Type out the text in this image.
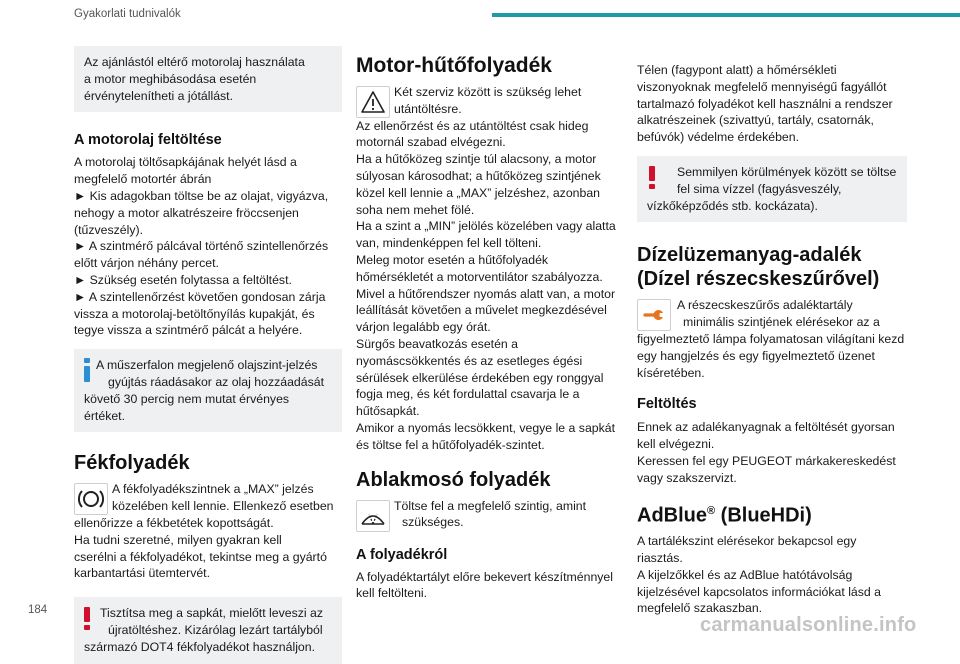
Gyakorlati tudnivalók
Az ajánlástól eltérő motorolaj használata
a motor meghibásodása esetén
érvénytelenítheti a jótállást.
A motorolaj feltöltése
A motorolaj töltősapkájának helyét lásd a
megfelelő motortér ábrán
► Kis adagokban töltse be az olajat, vigyázva,
nehogy a motor alkatrészeire fröccsenjen
(tűzveszély).
► A szintmérő pálcával történő szintellenőrzés
előtt várjon néhány percet.
► Szükség esetén folytassa a feltöltést.
► A szintellenőrzést követően gondosan zárja
vissza a motorolaj-betöltőnyílás kupakját, és
tegye vissza a szintmérő pálcát a helyére.
A műszerfalon megjelenő olajszint-jelzés
gyújtás ráadásakor az olaj hozzáadását
követő 30 percig nem mutat érvényes értéket.
Fékfolyadék
A fékfolyadékszintnek a „MAX” jelzés
közelében kell lennie. Ellenkező esetben
ellenőrizze a fékbetétek kopottságát.
Ha tudni szeretné, milyen gyakran kell
cserélni a fékfolyadékot, tekintse meg a gyártó
karbantartási ütemtervét.
Tisztítsa meg a sapkát, mielőtt leveszi az
újratöltéshez. Kizárólag lezárt tartályból
származó DOT4 fékfolyadékot használjon.
Motor-hűtőfolyadék
Két szerviz között is szükség lehet
utántöltésre.
Az ellenőrzést és az utántöltést csak hideg
motornál szabad elvégezni.
Ha a hűtőközeg szintje túl alacsony, a motor
súlyosan károsodhat; a hűtőközeg szintjének
közel kell lennie a „MAX” jelzéshez, azonban
soha nem mehet fölé.
Ha a szint a „MIN” jelölés közelében vagy alatta
van, mindenképpen fel kell tölteni.
Meleg motor esetén a hűtőfolyadék
hőmérsékletét a motorventilátor szabályozza.
Mivel a hűtőrendszer nyomás alatt van, a motor
leállítását követően a művelet megkezdésével
várjon legalább egy órát.
Sürgős beavatkozás esetén a
nyomáscsökkentés és az esetleges égési
sérülések elkerülése érdekében egy ronggyal
fogja meg, és két fordulattal csavarja le a
hűtősapkát.
Amikor a nyomás lecsökkent, vegye le a sapkát
és töltse fel a hűtőfolyadék-szintet.
Ablakmosó folyadék
Töltse fel a megfelelő szintig, amint
szükséges.
A folyadékról
A folyadéktartályt előre bekevert készítménnyel
kell feltölteni.
Télen (fagypont alatt) a hőmérsékleti
viszonyoknak megfelelő mennyiségű fagyállót
tartalmazó folyadékot kell használni a rendszer
alkatrészeinek (szivattyú, tartály, csatornák,
befúvók) védelme érdekében.
Semmilyen körülmények között se töltse
fel sima vízzel (fagyásveszély,
vízkőképződés stb. kockázata).
Dízelüzemanyag-adalék
(Dízel részecskeszűrővel)
A részecskeszűrős adaléktartály
minimális szintjének elérésekor az a
figyelmeztető lámpa folyamatosan világítani kezd
egy hangjelzés és egy figyelmeztető üzenet
kíséretében.
Feltöltés
Ennek az adalékanyagnak a feltöltését gyorsan
kell elvégezni.
Keressen fel egy PEUGEOT márkakereskedést
vagy szakszervizt.
AdBlue® (BlueHDi)
A tartálékszint elérésekor bekapcsol egy
riasztás.
A kijelzőkkel és az AdBlue hatótávolság
kijelzésével kapcsolatos információkat lásd a
megfelelő szakaszban.
184
carmanualsonline.info
